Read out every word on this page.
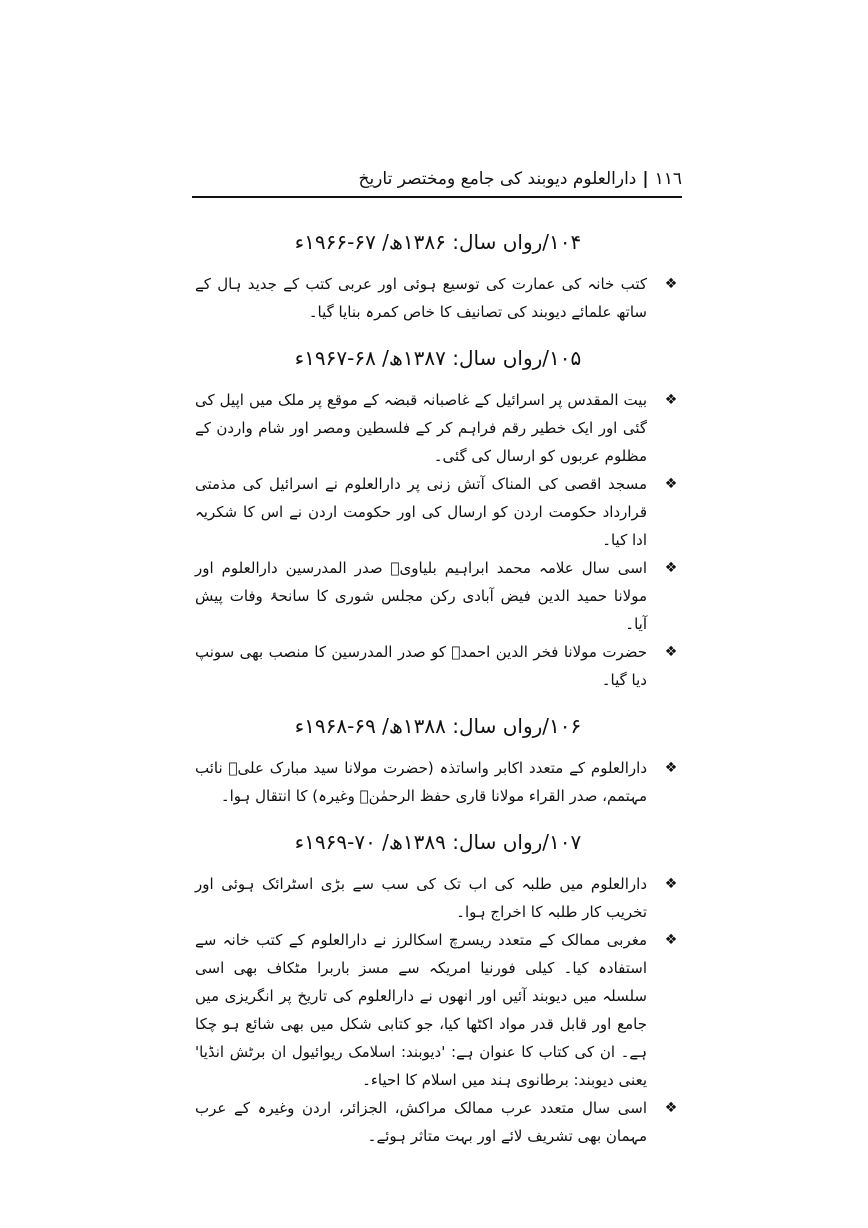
١١٦
|
دارالعلوم دیوبند کی جامع ومختصر تاریخ
۱۰۴/رواں سال: ۱۳۸۶ھ/ ۶۷-۱۹۶۶ء
❖
کتب خانہ کی عمارت کی توسیع ہوئی اور عربی کتب کے جدید ہال کے ساتھ علمائے دیوبند کی تصانیف کا خاص کمرہ بنایا گیا۔
۱۰۵/رواں سال: ۱۳۸۷ھ/ ۶۸-۱۹۶۷ء
❖
بیت المقدس پر اسرائیل کے غاصبانہ قبضہ کے موقع پر ملک میں اپیل کی گئی اور ایک خطیر رقم فراہم کر کے فلسطین ومصر اور شام واردن کے مظلوم عربوں کو ارسال کی گئی۔
❖
مسجد اقصی کی المناک آتش زنی پر دارالعلوم نے اسرائیل کی مذمتی قرارداد حکومت اردن کو ارسال کی اور حکومت اردن نے اس کا شکریہ ادا کیا۔
❖
اسی سال علامہ محمد ابراہیم بلیاویؒ صدر المدرسین دارالعلوم اور مولانا حمید الدین فیض آبادی رکن مجلس شوری کا سانحۂ وفات پیش آیا۔
❖
حضرت مولانا فخر الدین احمدؒ کو صدر المدرسین کا منصب بھی سونپ دیا گیا۔
۱۰۶/رواں سال: ۱۳۸۸ھ/ ۶۹-۱۹۶۸ء
❖
دارالعلوم کے متعدد اکابر واساتذہ (حضرت مولانا سید مبارک علیؒ نائب مہتمم، صدر القراء مولانا قاری حفظ الرحمٰنؒ وغیرہ) کا انتقال ہوا۔
۱۰۷/رواں سال: ۱۳۸۹ھ/ ۷۰-۱۹۶۹ء
❖
دارالعلوم میں طلبہ کی اب تک کی سب سے بڑی اسٹرائک ہوئی اور تخریب کار طلبہ کا اخراج ہوا۔
❖
مغربی ممالک کے متعدد ریسرچ اسکالرز نے دارالعلوم کے کتب خانہ سے استفادہ کیا۔ کیلی فورنیا امریکہ سے مسز باربرا مٹکاف بھی اسی سلسلہ میں دیوبند آئیں اور انھوں نے دارالعلوم کی تاریخ پر انگریزی میں جامع اور قابل قدر مواد اکٹھا کیا، جو کتابی شکل میں بھی شائع ہو چکا ہے۔ ان کی کتاب کا عنوان ہے: 'دیوبند: اسلامک ریوائیول ان برٹش انڈیا' یعنی دیوبند: برطانوی ہند میں اسلام کا احیاء۔
❖
اسی سال متعدد عرب ممالک مراکش، الجزائر، اردن وغیرہ کے عرب مہمان بھی تشریف لائے اور بہت متاثر ہوئے۔
